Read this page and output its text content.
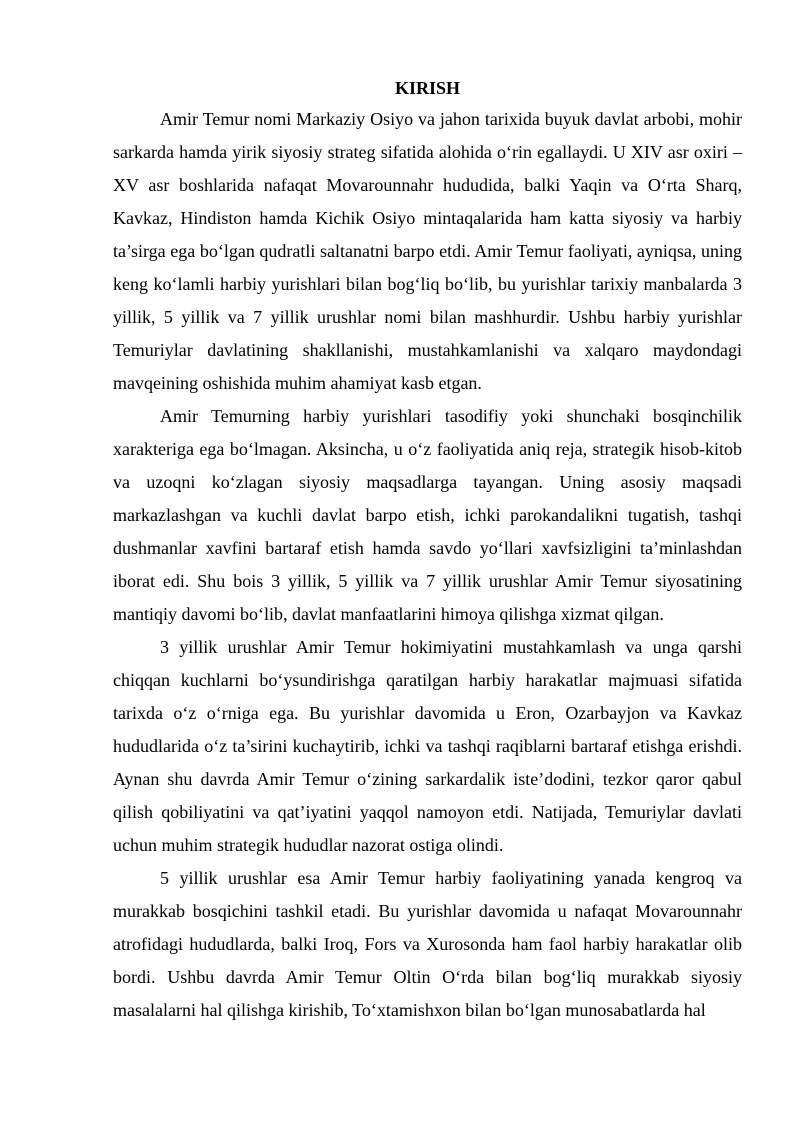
KIRISH

Amir Temur nomi Markaziy Osiyo va jahon tarixida buyuk davlat arbobi, mohir sarkarda hamda yirik siyosiy strateg sifatida alohida o‘rin egallaydi. U XIV asr oxiri – XV asr boshlarida nafaqat Movarounnahr hududida, balki Yaqin va O‘rta Sharq, Kavkaz, Hindiston hamda Kichik Osiyo mintaqalarida ham katta siyosiy va harbiy ta’sirga ega bo‘lgan qudratli saltanatni barpo etdi. Amir Temur faoliyati, ayniqsa, uning keng ko‘lamli harbiy yurishlari bilan bog‘liq bo‘lib, bu yurishlar tarixiy manbalarda 3 yillik, 5 yillik va 7 yillik urushlar nomi bilan mashhurdir. Ushbu harbiy yurishlar Temuriylar davlatining shakllanishi, mustahkamlanishi va xalqaro maydondagi mavqeining oshishida muhim ahamiyat kasb etgan.

Amir Temurning harbiy yurishlari tasodifiy yoki shunchaki bosqinchilik xarakteriga ega bo‘lmagan. Aksincha, u o‘z faoliyatida aniq reja, strategik hisob-kitob va uzoqni ko‘zlagan siyosiy maqsadlarga tayangan. Uning asosiy maqsadi markazlashgan va kuchli davlat barpo etish, ichki parokandalikni tugatish, tashqi dushmanlar xavfini bartaraf etish hamda savdo yo‘llari xavfsizligini ta’minlashdan iborat edi. Shu bois 3 yillik, 5 yillik va 7 yillik urushlar Amir Temur siyosatining mantiqiy davomi bo‘lib, davlat manfaatlarini himoya qilishga xizmat qilgan.

3 yillik urushlar Amir Temur hokimiyatini mustahkamlash va unga qarshi chiqqan kuchlarni bo‘ysundirishga qaratilgan harbiy harakatlar majmuasi sifatida tarixda o‘z o‘rniga ega. Bu yurishlar davomida u Eron, Ozarbayjon va Kavkaz hududlarida o‘z ta’sirini kuchaytirib, ichki va tashqi raqiblarni bartaraf etishga erishdi. Aynan shu davrda Amir Temur o‘zining sarkardalik iste’dodini, tezkor qaror qabul qilish qobiliyatini va qat’iyatini yaqqol namoyon etdi. Natijada, Temuriylar davlati uchun muhim strategik hududlar nazorat ostiga olindi.

5 yillik urushlar esa Amir Temur harbiy faoliyatining yanada kengroq va murakkab bosqichini tashkil etadi. Bu yurishlar davomida u nafaqat Movarounnahr atrofidagi hududlarda, balki Iroq, Fors va Xurosonda ham faol harbiy harakatlar olib bordi. Ushbu davrda Amir Temur Oltin O‘rda bilan bog‘liq murakkab siyosiy masalalarni hal qilishga kirishib, To‘xtamishxon bilan bo‘lgan munosabatlarda hal
